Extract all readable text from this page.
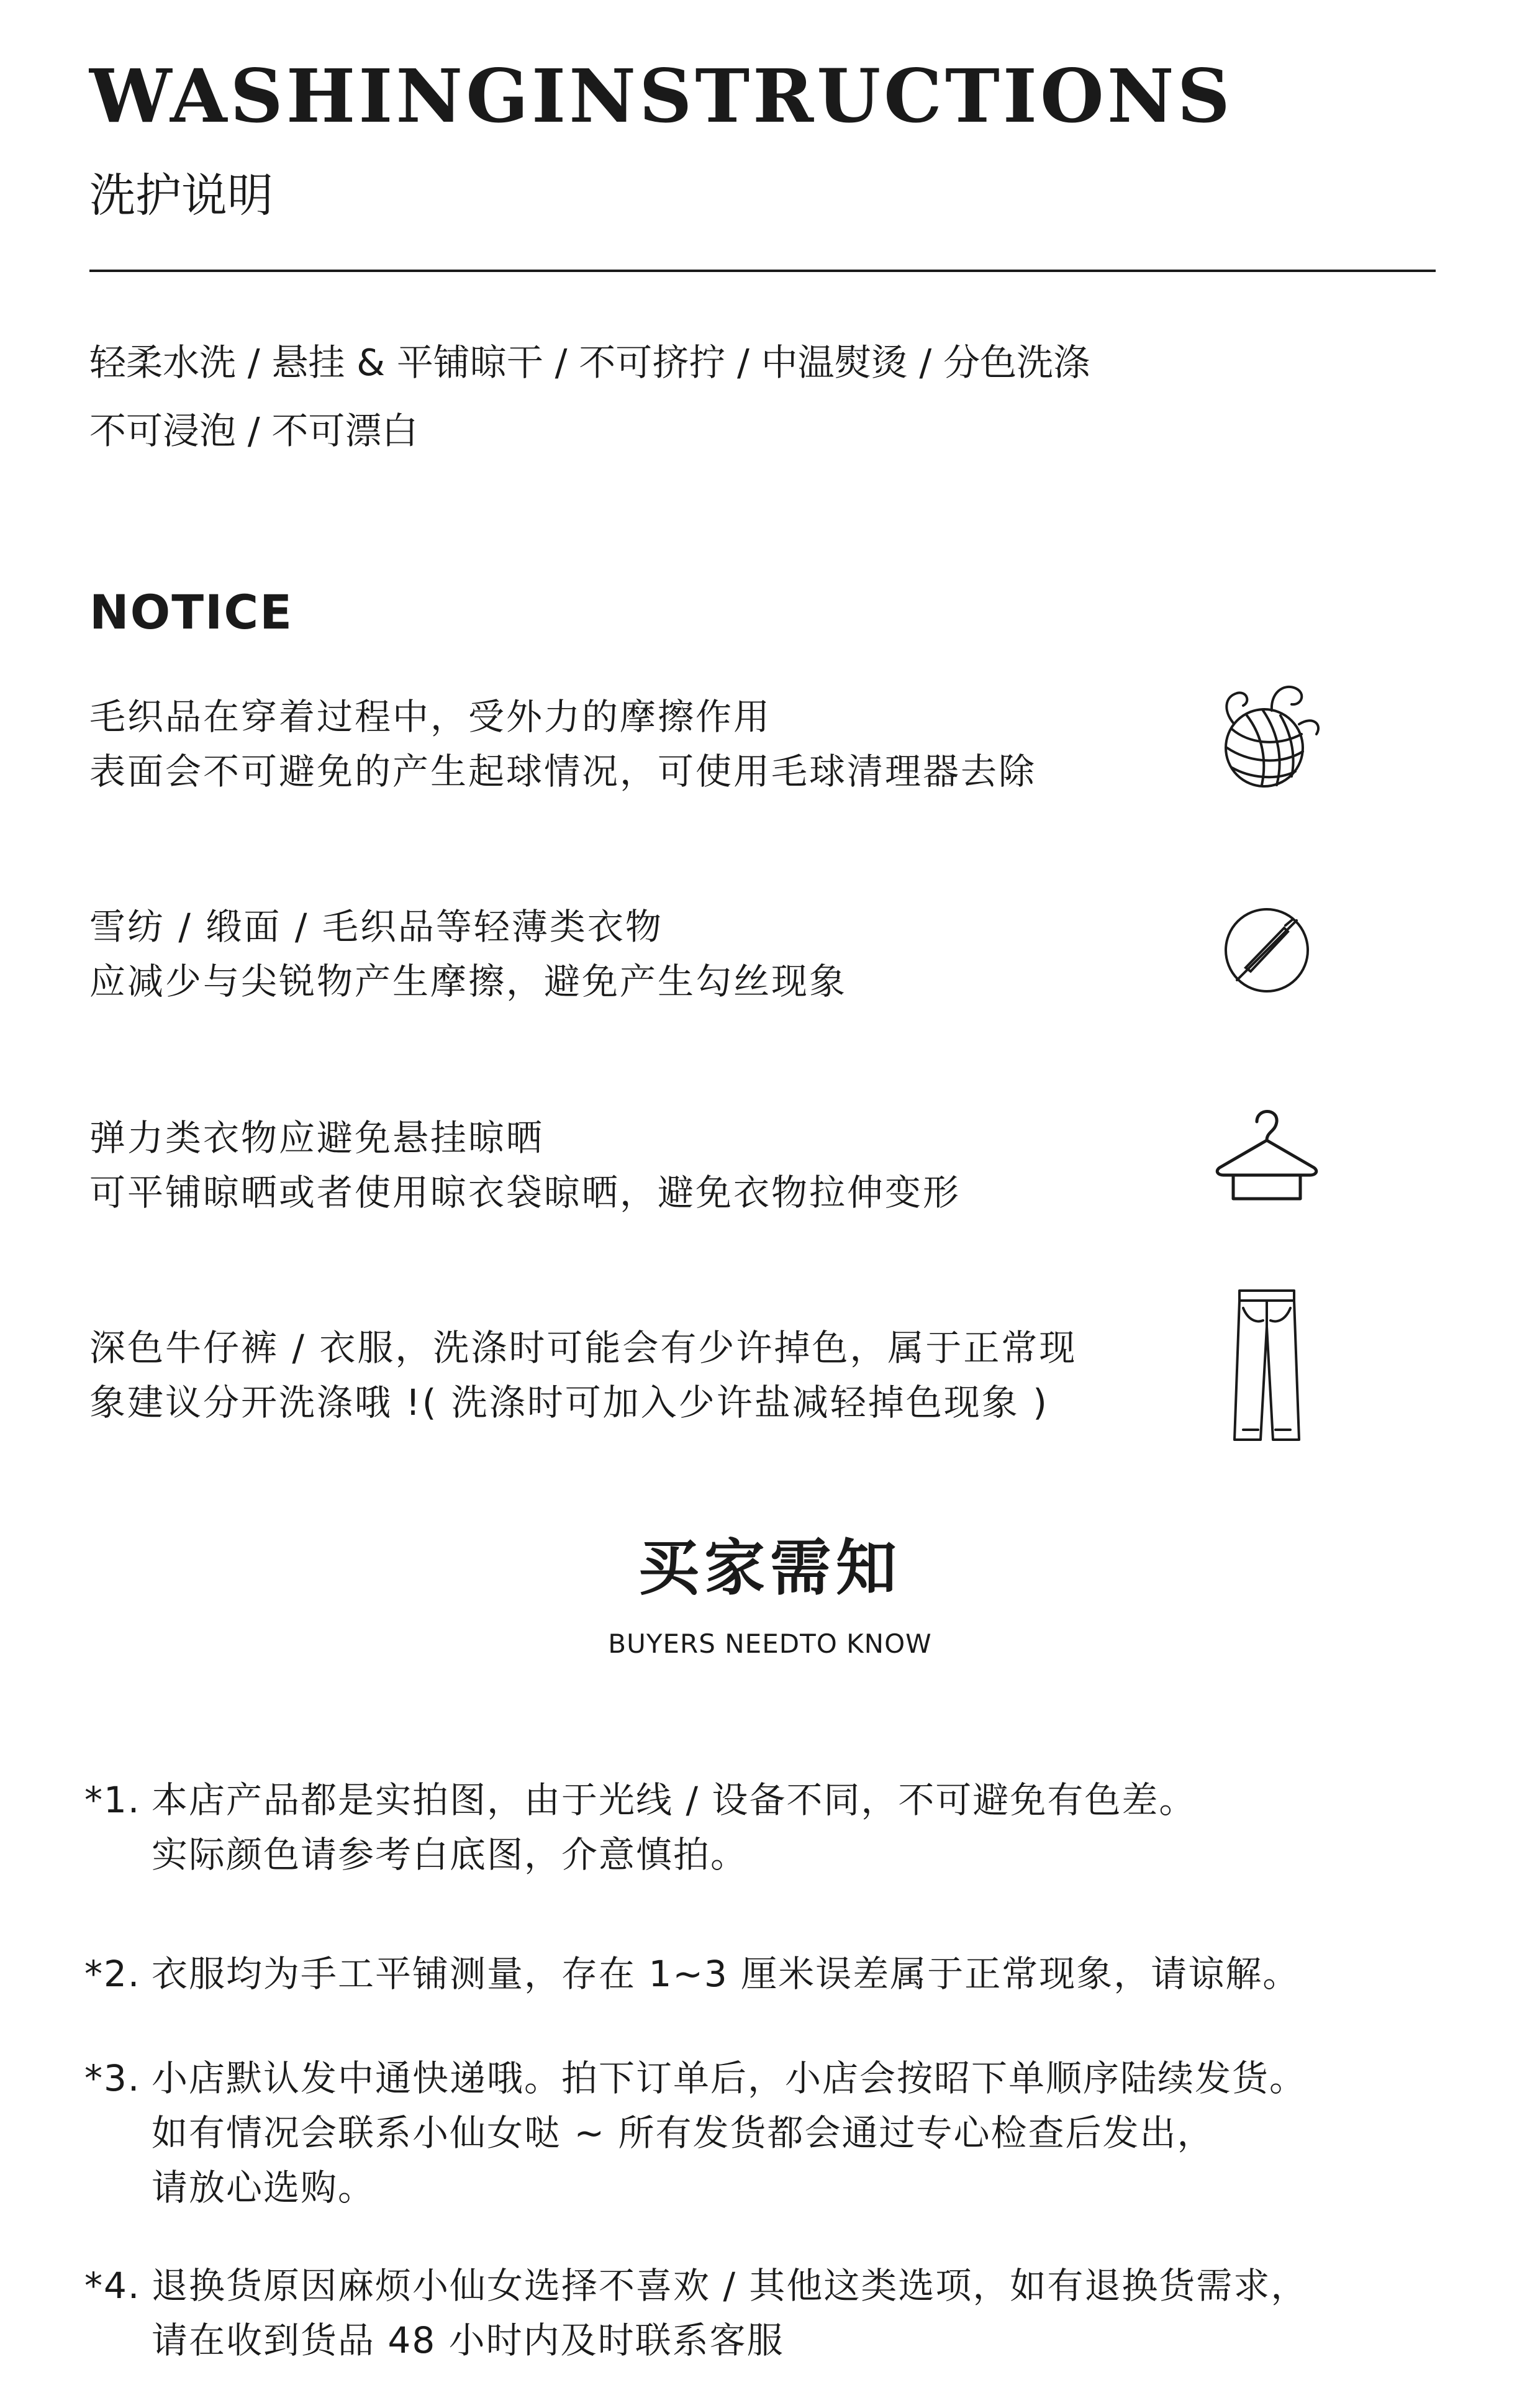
WASHINGINSTRUCTIONS
洗护说明
轻柔水洗 / 悬挂 & 平铺晾干 / 不可挤拧 / 中温熨烫 / 分色洗涤
不可浸泡 / 不可漂白
NOTICE
毛织品在穿着过程中，受外力的摩擦作用
表面会不可避免的产生起球情况，可使用毛球清理器去除
雪纺 / 缎面 / 毛织品等轻薄类衣物
应减少与尖锐物产生摩擦，避免产生勾丝现象
弹力类衣物应避免悬挂晾晒
可平铺晾晒或者使用晾衣袋晾晒，避免衣物拉伸变形
深色牛仔裤 / 衣服，洗涤时可能会有少许掉色，属于正常现
象建议分开洗涤哦 !( 洗涤时可加入少许盐减轻掉色现象 )
买家需知
BUYERS NEEDTO KNOW
*1. 本店产品都是实拍图，由于光线 / 设备不同，不可避免有色差。
实际颜色请参考白底图，介意慎拍。
*2. 衣服均为手工平铺测量，存在 1~3 厘米误差属于正常现象，请谅解。
*3. 小店默认发中通快递哦。拍下订单后，小店会按昭下单顺序陆续发货。
如有情况会联系小仙女哒 ~ 所有发货都会通过专心检查后发出，
请放心选购。
*4. 退换货原因麻烦小仙女选择不喜欢 / 其他这类选项，如有退换货需求，
请在收到货品 48 小时内及时联系客服
